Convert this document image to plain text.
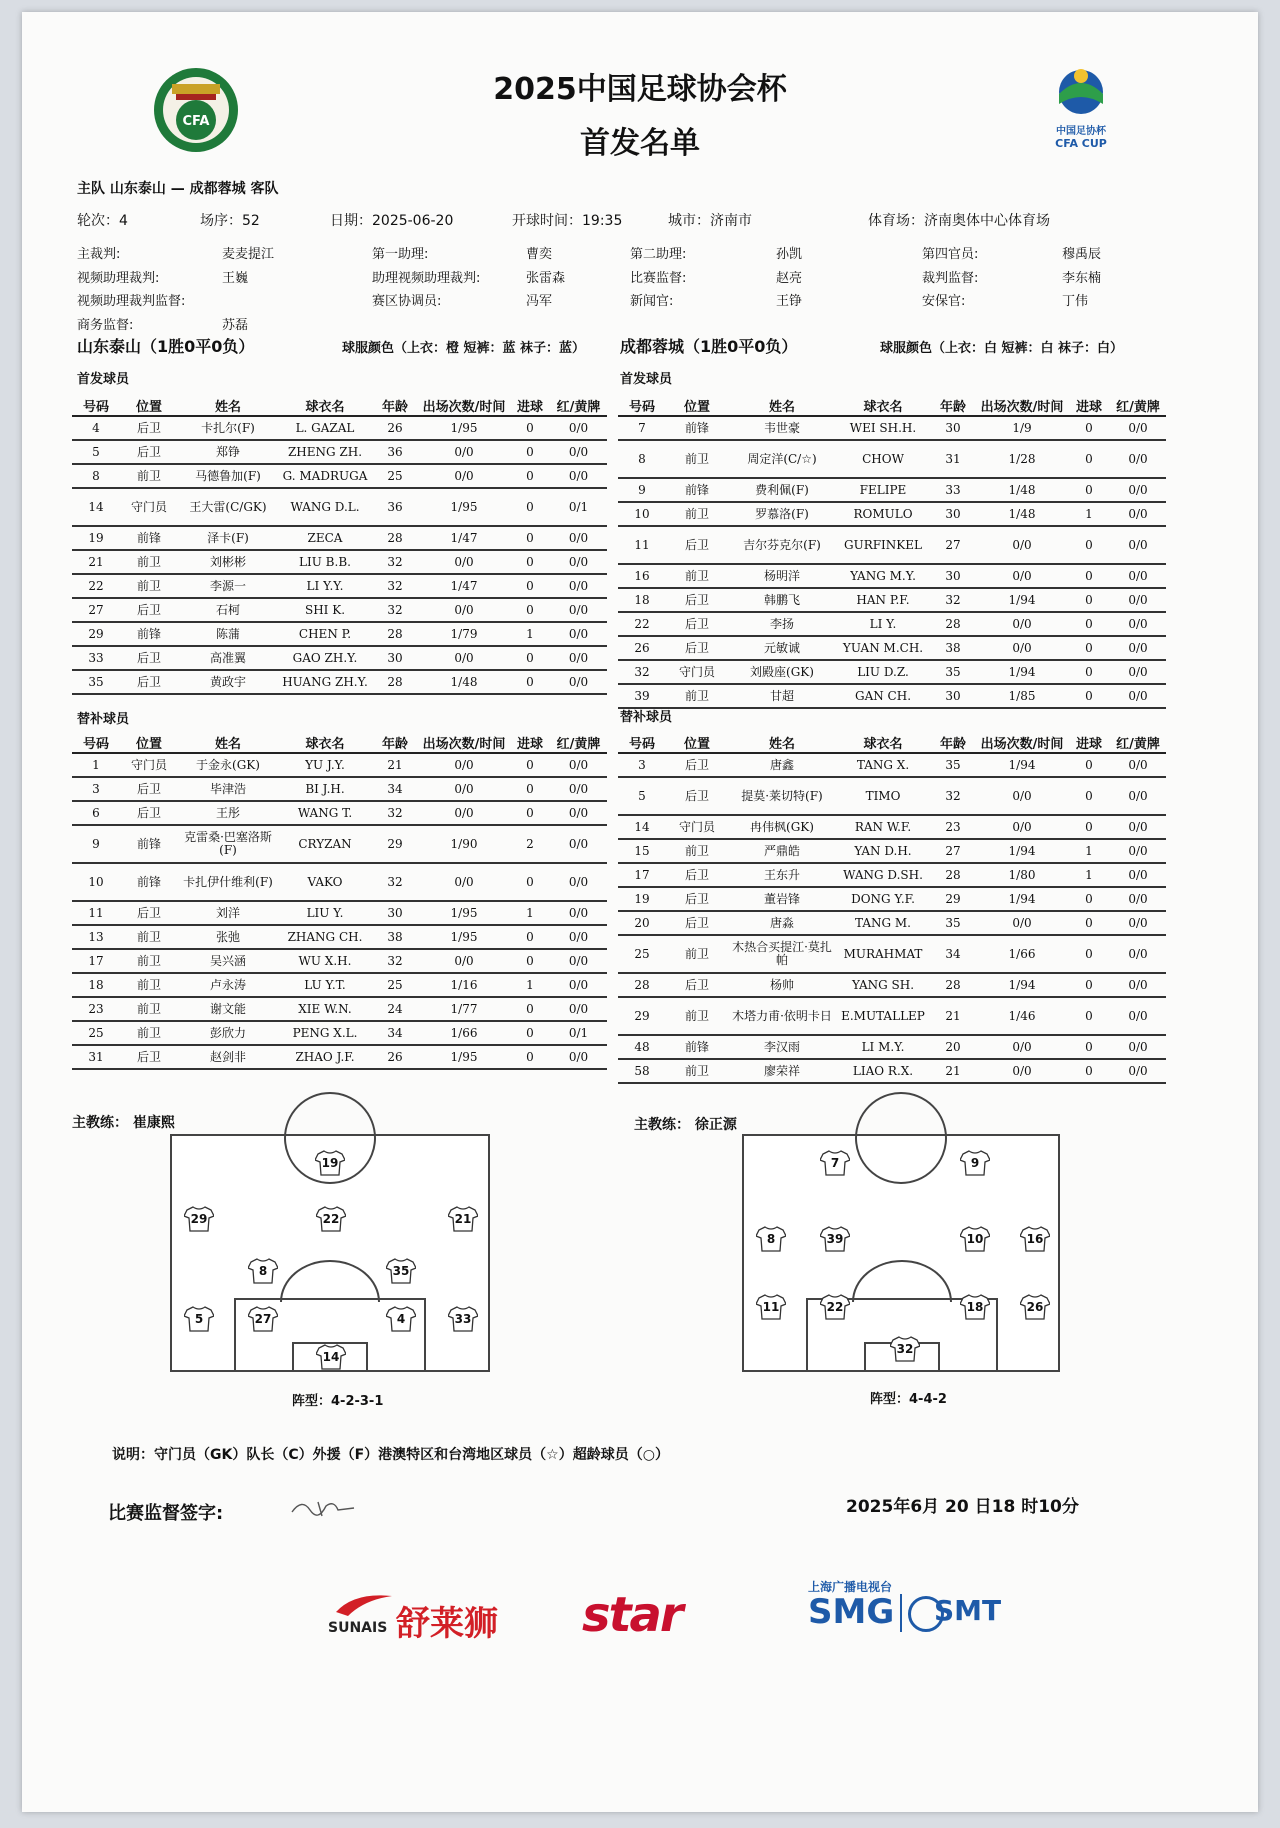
CFA
2025中国足球协会杯
首发名单	中国足协杯
CFA CUP
主队 山东泰山 — 成都蓉城 客队
轮次：4	场序：52	日期：2025-06-20	开球时间：19:35	城市：济南市	体育场：济南奥体中心体育场
主裁判:	麦麦提江	第一助理:	曹奕	第二助理:	孙凯	第四官员:	穆禹辰
视频助理裁判:	王巍	助理视频助理裁判:	张雷森	比赛监督:	赵亮	裁判监督:	李东楠
视频助理裁判监督:	赛区协调员:	冯军	新闻官:	王铮	安保官:	丁伟
商务监督:	苏磊
山东泰山（1胜0平0负）	球服颜色（上衣：橙 短裤：蓝 袜子：蓝） 成都蓉城（1胜0平0负）	球服颜色（上衣：白 短裤：白 袜子：白）
首发球员	首发球员
号码	位置	姓名	球衣名	年龄	出场次数/时间	进球	红/黄牌
4	后卫	卡扎尔(F)	L. GAZAL	26	1/95	0	0/0
5	后卫	郑铮	ZHENG ZH.	36	0/0	0	0/0
8	前卫	马德鲁加(F)	G. MADRUGA	25	0/0	0	0/0
14	守门员	王大雷(C/GK)	WANG D.L.	36	1/95	0	0/1
19	前锋	泽卡(F)	ZECA	28	1/47	0	0/0
21	前卫	刘彬彬	LIU B.B.	32	0/0	0	0/0
22	前卫	李源一	LI Y.Y.	32	1/47	0	0/0
27	后卫	石柯	SHI K.	32	0/0	0	0/0
29	前锋	陈蒲	CHEN P.	28	1/79	1	0/0
33	后卫	高准翼	GAO ZH.Y.	30	0/0	0	0/0
35	后卫	黄政宇	HUANG ZH.Y.	28	1/48	0	0/0
号码	位置	姓名	球衣名	年龄	出场次数/时间	进球	红/黄牌
7	前锋	韦世豪	WEI SH.H.	30	1/9	0	0/0
8	前卫	周定洋(C/☆)	CHOW	31	1/28	0	0/0
9	前锋	费利佩(F)	FELIPE	33	1/48	0	0/0
10	前卫	罗慕洛(F)	ROMULO	30	1/48	1	0/0
11	后卫	吉尔芬克尔(F)	GURFINKEL	27	0/0	0	0/0
16	前卫	杨明洋	YANG M.Y.	30	0/0	0	0/0
18	后卫	韩鹏飞	HAN P.F.	32	1/94	0	0/0
22	后卫	李扬	LI Y.	28	0/0	0	0/0
26	后卫	元敏诚	YUAN M.CH.	38	0/0	0	0/0
32	守门员	刘殿座(GK)	LIU D.Z.	35	1/94	0	0/0
39	前卫	甘超	GAN CH.	30	1/85	0	0/0
替补球员	替补球员
号码	位置	姓名	球衣名	年龄	出场次数/时间	进球	红/黄牌
1	守门员	于金永(GK)	YU J.Y.	21	0/0	0	0/0
3	后卫	毕津浩	BI J.H.	34	0/0	0	0/0
6	后卫	王彤	WANG T.	32	0/0	0	0/0
9	前锋	克雷桑·巴塞洛斯(F)	CRYZAN	29	1/90	2	0/0
10	前锋	卡扎伊什维利(F)	VAKO	32	0/0	0	0/0
11	后卫	刘洋	LIU Y.	30	1/95	1	0/0
13	前卫	张弛	ZHANG CH.	38	1/95	0	0/0
17	前卫	吴兴涵	WU X.H.	32	0/0	0	0/0
18	前卫	卢永涛	LU Y.T.	25	1/16	1	0/0
23	前卫	谢文能	XIE W.N.	24	1/77	0	0/0
25	前卫	彭欣力	PENG X.L.	34	1/66	0	0/1
31	后卫	赵剑非	ZHAO J.F.	26	1/95	0	0/0
号码	位置	姓名	球衣名	年龄	出场次数/时间	进球	红/黄牌
3	后卫	唐鑫	TANG X.	35	1/94	0	0/0
5	后卫	提莫·莱切特(F)	TIMO	32	0/0	0	0/0
14	守门员	冉伟枫(GK)	RAN W.F.	23	0/0	0	0/0
15	前卫	严鼎皓	YAN D.H.	27	1/94	1	0/0
17	后卫	王东升	WANG D.SH.	28	1/80	1	0/0
19	后卫	董岩锋	DONG Y.F.	29	1/94	0	0/0
20	后卫	唐淼	TANG M.	35	0/0	0	0/0
25	前卫	木热合买提江·莫扎帕	MURAHMAT	34	1/66	0	0/0
28	后卫	杨帅	YANG SH.	28	1/94	0	0/0
29	前卫	木塔力甫·依明卡日	E.MUTALLEP	21	1/46	0	0/0
48	前锋	李汉雨	LI M.Y.	20	0/0	0	0/0
58	前卫	廖荣祥	LIAO R.X.	21	0/0	0	0/0
主教练： 崔康熙	主教练： 徐正源
19
29	22	21
8	35
5	27	4	33
14
7	9
8	39	10	16
11	22	18	26
32
阵型：4-2-3-1	阵型：4-4-2
说明：守门员（GK）队长（C）外援（F）港澳特区和台湾地区球员（☆）超龄球员（○）
比赛监督签字:	2025年6月 20 日18 时10分
SUNAIS 舒莱狮 star	上海广播电视台
SMG SMT
